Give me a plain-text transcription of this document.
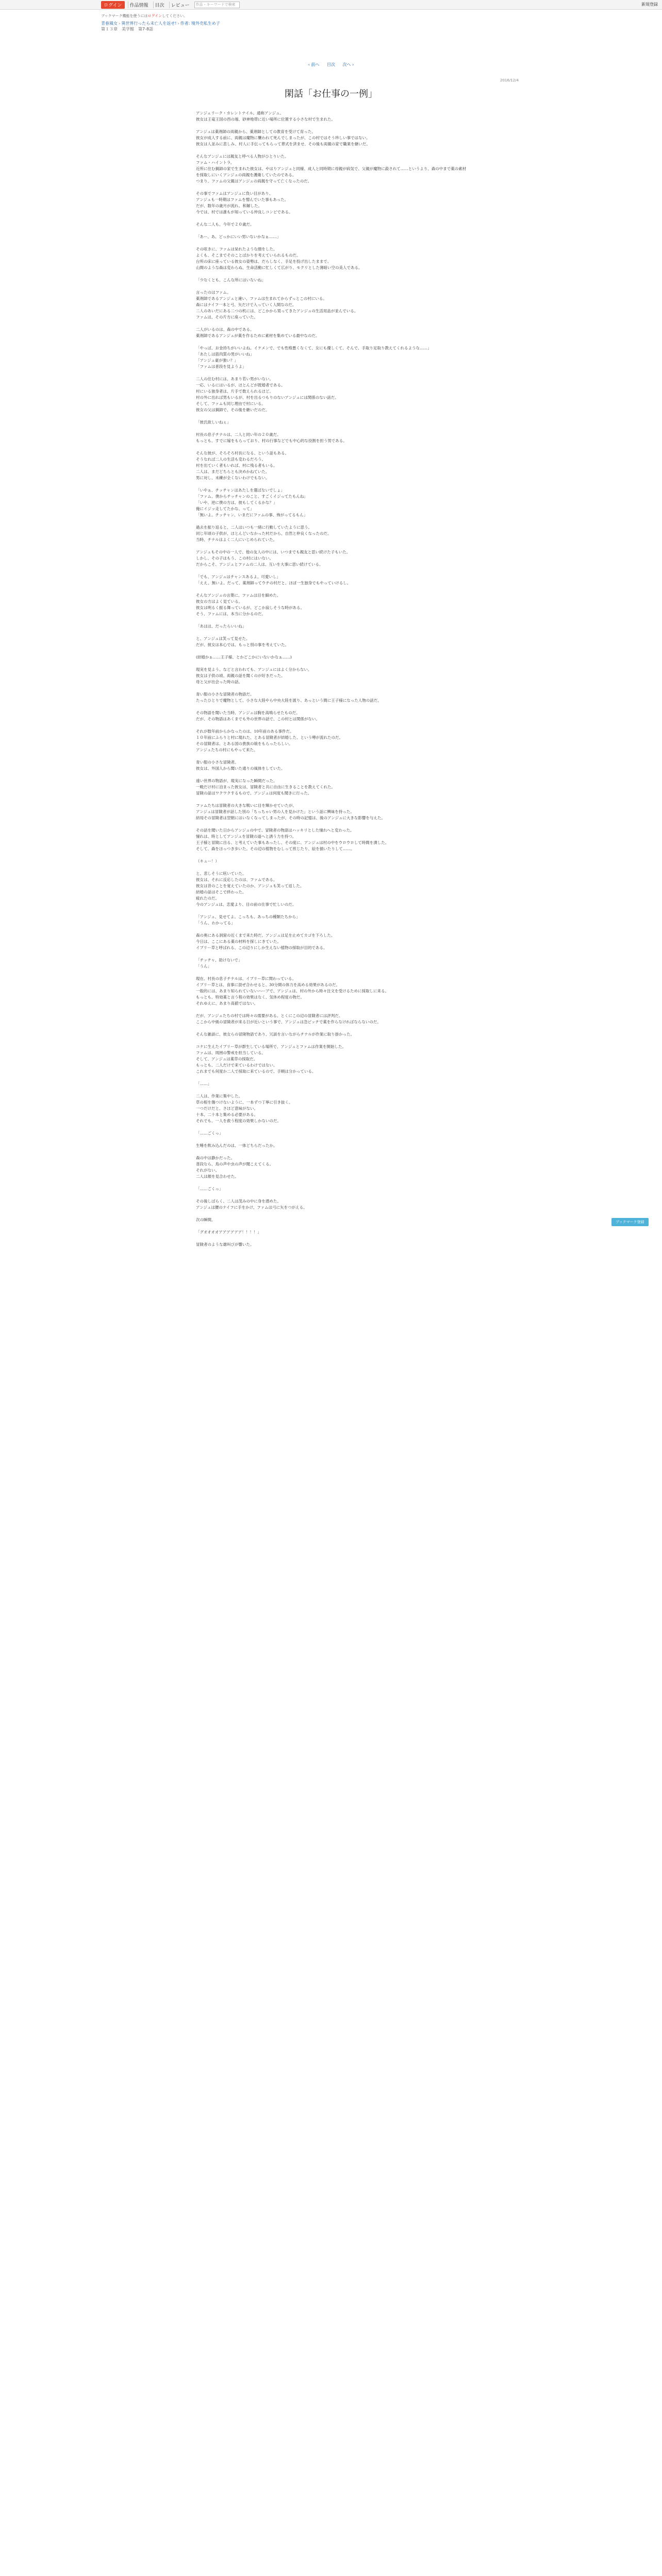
ログイン	作品情報	目次	レビュー	作品・キーワードで検索	新規登録
ブックマーク機能を使うにはログインしてください。
青春風女 › 異世界行ったら未亡人を返せ! › 作者: 境外売私生め子
第１３章　美学館　第7-8話
‹ 前へ 目次 次へ ›
2016/12/4
閑話「お仕事の一例」

アンジェリーク・カレントナイル。通称アンジュ。
彼女は王竜王国の西の端、砂神地帯に近い場所に位置する小さな村で生まれた。

アンジュは薬剤師の両親から、薬剤師としての教育を受けて育った。
彼女が成人する前に、両親は魔物に襲われて死んでしまったが、この村ではそう珍しい事ではない。
彼女は人並みに悲しみ、村人に手伝ってもらって葬式を済ませ、その後も両親の家で職業を継いだ。

そんなアンジュには親友と呼べる人物がひとりいた。
ファム・ハイントラ。
近所に住む猟師の家で生まれた彼女は、やはりアンジュと同様、成人と同時期に母親が病気で、父親が魔物に殺されて……というより、森の中まで薬の素材を採取しにいくアンジュの両親を護衛していたのである。
つまり、ファムの父親はアンジュの両親を守って亡くなったのだ。

その事でファムはアンジュに負い目があり、
アンジュも一時期はファムを憎んでいた事もあった。
だが、数年の歳月が流れ、和解した。
今では、村では誰もが知っている仲良しコンビである。

そんな二人も、今年で２０歳だ。

「あー、あ。どっかにいい男いないかなぁ……」

その呟きに、ファムは呆れたような顔をした。
よくも、そこまでそのことばかりを考えていられるものだ。
台所の床に座っている彼女の姿勢は、だらしなく、手足を投げ出したままで、
山間のような森は変わらぬ、生命活動に忙しくて広がり、モクリとした薄暗い空の美人である。

「少なくとも、こんな所にはいないね」

言ったのはファム。
薬剤師であるアンジュと違い、ファムは生まれてからずっとこの村にいる。
森にはナイフ一本と弓、矢だけで入っていく人間なのだ。
二人のあいだにある二つの机には、どこかから買ってきたアンジュの生活用品が並んでいる。
ファムは、その片方に座っていた。

二人がいるのは、森の中である。
薬剤師であるアンジュが薬を作るために素材を集めている最中なのだ。

「やっぱ、お金持ちがいいよね。イケメンで、でも性格悪くなくて、女にも優しくて、そんで、手取り足取り教えてくれるような……」
「あたしは筋肉質の男がいいね」
「アンジュ豪が強い？」
「ファムは普段を見ようよ」

二人の住む村には、あまり若い男がいない。
一応、いるにはいるが、ほとんどが既婚者である。
村にいる独身者は、片手で数えられるほど。
村の外に出れば男もいるが、村を出るつもりのないアンジュには関係のない話だ。
そして、ファムも同じ理由で村にいる。
彼女の父は猟師で、その後を継いだのだ。

「彼氏欲しいねぇ」

村長の息子チナルは、二人と同い年の２０歳だ。
もっとも、すでに嫁をもらっており、村の行事などでも中心的な役割を担う男である。

そんな彼が、そろそろ村長になる、という話もある。
そうなれば二人の生活も変わるだろう。
村を出ていく者もいれば、村に残る者もいる。
二人は、まだどちらとも決めかねていた。
男に対し、未練が全くないわけでもない。

「いやぁ、チッチャンはあたしを選ばないでしょ」
「ファム、僕からチッチャンのこと、すごくイジってたもんね」
「いや、逆に僕の方は、彼もしてくるかな？」
俺にイジッ走してたかな、って」
「無いよ。チッチャン、いまだにファムの事、怖がってるもん」

過去を振り返ると、二人はいつも一緒に行動していたように思う。
同じ年頃の子供が、ほとんどいなかった村だから、自然と仲良くなったのだ。
当時、チナルはよく二人にいじめられていた。

アンジュもその中の一人で、他の友人の中には、いつまでも親友と思い続けた子もいた。
しかし、その子はもう、この村にはいない。
だからこそ、アンジュとファムの二人は、互いを大事に思い続けている。

「でも、アンジュはチャンスあるよ。可愛いし」
「ええ、無いよ。だって、薬剤師ってウチの村だと、ほぼ一生独身でもやっていけるし。

そんなアンジュの言葉に、ファムは目を細めた。
彼女の方はよく見ている。
彼女は明るく振る舞っているが、どこか寂しそうな時がある。
そう、ファムには、本当に分かるのだ。

「あはは、だったらいいね」

と、アンジュは笑って見せた。
だが、彼女は本心では、もっと別の事を考えていた。

(結婚かぁ……王子様、とかどこかにいないかなぁ……)

現実を見よう。などと言われても、アンジュにはよく分からない。
彼女は子供の頃、両親の話を聞くのが好きだった。
母と父が出会った時の話。

青い服の小さな冒険者の物語だ。
たったひとりで魔物として、小さな大陸やら中央大陸を渡り、あっという間に王子様になった人物の話だ。

その物語を聞いた当時、アンジュは胸を高鳴らせたものだ。
だが、その物語はあくまでも外の世界の話で、この村とは関係がない。

それが数年前からかなったのは、10年前のある事件だ。
１０年前にふらりと村に現れた、とある冒険者が結婚した、という噂が流れたのだ。
その冒険者は、とある国の貴族の娘をもらったらしい。
アンジュたちの村にもやって来た。

青い服の小さな冒険者。
彼女は、外国人から聞いた通りの風体をしていた。

遠い世界の物語が、現実になった瞬間だった。
一晩だけ村に泊まった彼女は、冒険者と共に自由に生きることを教えてくれた。
冒険の話はワクワクするもので、アンジュは何度も聞きに行った。

ファムたちは冒険者の大きな戦いに目を輝かせていたが、
アンジュは冒険者が話した別の「ちっちゃい男の人を見かけた」という話に興味を持った。
結局その冒険者は翌朝にはいなくなってしまったが、その時の記憶は、後のアンジュに大きな影響を与えた。

その話を聞いた日からアンジュの中で、冒険者の物語はハッキリとした憧れへと変わった。
憧れは、時としてアンジュを冒険の道へと誘う力を持つ。
王子様と冒険に出る、と考えていた事もあったし、その度に、アンジュは村の中をウロウロして時間を潰した。
そして、森をほっつき歩いた。その辺の植物をむしって煎じたり、絵を描いたりして……。

（キュー！）

と、悲しそうに呟いていた。
彼女は、それに反応したのは、ファムである。
彼女は昔のことを覚えていたのか、アンジュも笑って返した。
結婚の話はそこで終わった。
疲れたのだ。
今のアンジュは、恋愛より、目の前の仕事で忙しいのだ。

「アンジュ、見せてよ。こっちも、あっちの種類たちから」
「うん、わかってる」

森の奥にある洞窟の近くまで来た時だ。アンジュは足を止めてカゴを下ろした。
今日は、ここにある薬の材料を探しにきていた。
イブリー草と呼ばれる、この辺りにしか生えない植物の採取が目的である。

「チッチャ、助けないで」
「うん」

現在、村長の息子チナルは、イブリー草に関わっている。
イブリー草とは、食事に混ぜ合わせると、30分間の体力を高める効果があるのだ。
一般的には、あまり知られていないハーブで、アンジュは、村の外から時々注文を受けるために採取しに来る。
もっとも、特効薬と言う程の効果はなく、気休め程度の物だ。
それゆえに、あまり高値ではない。

だが、アンジュたちの村では時々の需要がある。とくにこの辺の冒険者には評判だ。
ここから中級の冒険者が来る日が近いという事で、アンジュは急ピッチで薬を作らなければならないのだ。

そんな雑談に、彼女らの冒険物語であり、冗談を言いながらチナルが作業に取り掛かった。

コケに生えたイブリー草が群生している場所で、アンジュとファムは作業を開始した。
ファムは、周囲の警戒を担当している。
そして、アンジュは薬草の採取だ。
もっとも、二人だけで来ているわけではない。
これまでも何度か二人で採取に来ているので、手順は分かっている。

「……」

二人は、作業に集中した。
草の根を傷つけないように、一本ずつ丁寧に引き抜く。
一つだけだと、さほど意味がない。
十本、二十本と集める必要がある。
それでも、一人を救う程度の効果しかないのだ。

「……ごくっ」

生唾を飲み込んだのは、一体どちらだったか。

森の中は静かだった。
普段なら、鳥の声や虫の声が聞こえてくる。
それがない。
二人は顔を見合わせた。

「……ごくっ」

その後しばらく、二人は茂みの中に身を潜めた。
アンジュは腰のナイフに手をかけ、ファムは弓に矢をつがえる。

次の瞬間。

「グオオオオアアアアアア！！！！」

冒険者のような雄叫びが響いた。

ブックマーク登録
